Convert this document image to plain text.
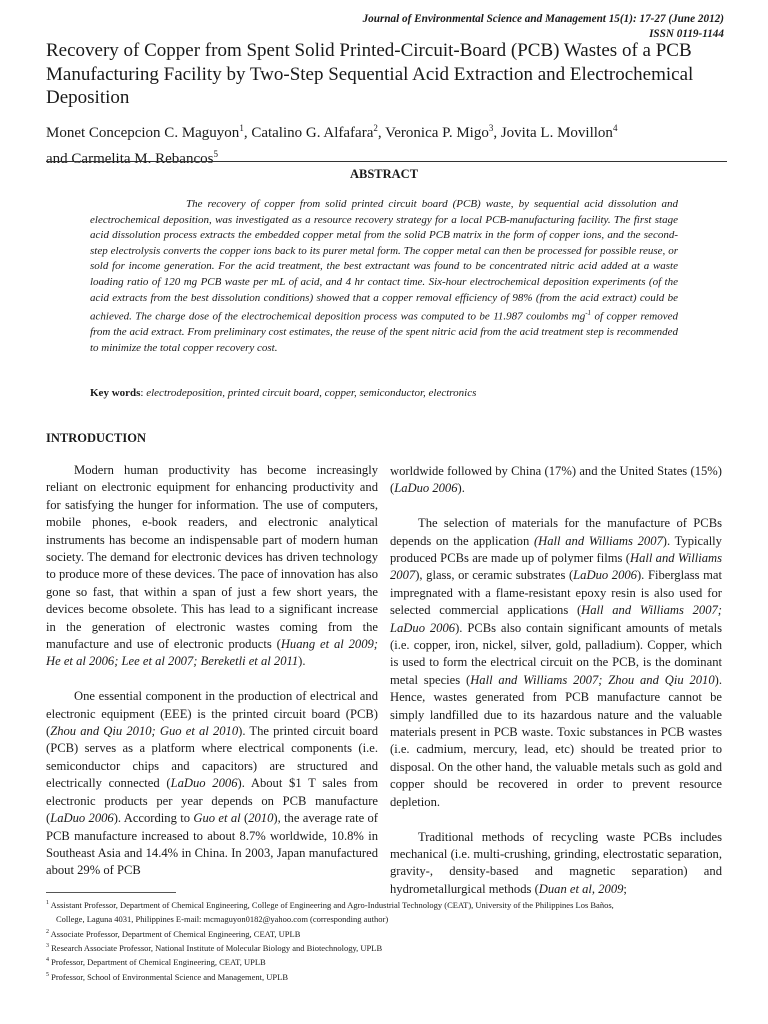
Journal of Environmental Science and Management 15(1): 17-27 (June 2012)
ISSN 0119-1144
Recovery of Copper from Spent Solid Printed-Circuit-Board (PCB) Wastes of a PCB Manufacturing Facility by Two-Step Sequential Acid Extraction and Electrochemical Deposition
Monet Concepcion C. Maguyon$^1$, Catalino G. Alfafara$^2$, Veronica P. Migo$^3$, Jovita L. Movillon$^4$
and Carmelita M. Rebancos$^5$
ABSTRACT

The recovery of copper from solid printed circuit board (PCB) waste, by sequential acid dissolution and electrochemical deposition, was investigated as a resource recovery strategy for a local PCB-manufacturing facility. The first stage acid dissolution process extracts the embedded copper metal from the solid PCB matrix in the form of copper ions, and the second-step electrolysis converts the copper ions back to its purer metal form. The copper metal can then be processed for possible reuse, or sold for income generation. For the acid treatment, the best extractant was found to be concentrated nitric acid added at a waste loading ratio of 120 mg PCB waste per mL of acid, and 4 hr contact time. Six-hour electrochemical deposition experiments (of the acid extracts from the best dissolution conditions) showed that a copper removal efficiency of 98% (from the acid extract) could be achieved. The charge dose of the electrochemical deposition process was computed to be 11.987 coulombs $mg^{-1}$ of copper removed from the acid extract. From preliminary cost estimates, the reuse of the spent nitric acid from the acid treatment step is recommended to minimize the total copper recovery cost.

Key words: electrodeposition, printed circuit board, copper, semiconductor, electronics
INTRODUCTION

Modern human productivity has become increasingly reliant on electronic equipment for enhancing productivity and for satisfying the hunger for information. The use of computers, mobile phones, e-book readers, and electronic analytical instruments has become an indispensable part of modern human society. The demand for electronic devices has driven technology to produce more of these devices. The pace of innovation has also gone so fast, that within a span of just a few short years, the devices become obsolete. This has lead to a significant increase in the generation of electronic wastes coming from the manufacture and use of electronic products (Huang et al 2009; He et al 2006; Lee et al 2007; Bereketli et al 2011).

One essential component in the production of electrical and electronic equipment (EEE) is the printed circuit board (PCB) (Zhou and Qiu 2010; Guo et al 2010). The printed circuit board (PCB) serves as a platform where electrical components (i.e. semiconductor chips and capacitors) are structured and electrically connected (LaDuo 2006). About $1 T sales from electronic products per year depends on PCB manufacture (LaDuo 2006). According to Guo et al (2010), the average rate of PCB manufacture increased to about 8.7% worldwide, 10.8% in Southeast Asia and 14.4% in China. In 2003, Japan manufactured about 29% of PCB

worldwide followed by China (17%) and the United States (15%) (LaDuo 2006).

The selection of materials for the manufacture of PCBs depends on the application (Hall and Williams 2007). Typically produced PCBs are made up of polymer films (Hall and Williams 2007), glass, or ceramic substrates (LaDuo 2006). Fiberglass mat impregnated with a flame-resistant epoxy resin is also used for selected commercial applications (Hall and Williams 2007; LaDuo 2006). PCBs also contain significant amounts of metals (i.e. copper, iron, nickel, silver, gold, palladium). Copper, which is used to form the electrical circuit on the PCB, is the dominant metal species (Hall and Williams 2007; Zhou and Qiu 2010). Hence, wastes generated from PCB manufacture cannot be simply landfilled due to its hazardous nature and the valuable materials present in PCB waste. Toxic substances in PCB wastes (i.e. cadmium, mercury, lead, etc) should be treated prior to disposal. On the other hand, the valuable metals such as gold and copper should be recovered in order to prevent resource depletion.

Traditional methods of recycling waste PCBs includes mechanical (i.e. multi-crushing, grinding, electrostatic separation, gravity-, density-based and magnetic separation) and hydrometallurgical methods (Duan et al, 2009;

$^1$ Assistant Professor, Department of Chemical Engineering, College of Engineering and Agro-Industrial Technology (CEAT), University of the Philippines Los Baños,
College, Laguna 4031, Philippines E-mail: mcmaguyon0182@yahoo.com (corresponding author)
$^2$ Associate Professor, Department of Chemical Engineering, CEAT, UPLB
$^3$ Research Associate Professor, National Institute of Molecular Biology and Biotechnology, UPLB
$^4$ Professor, Department of Chemical Engineering, CEAT, UPLB
$^5$ Professor, School of Environmental Science and Management, UPLB
